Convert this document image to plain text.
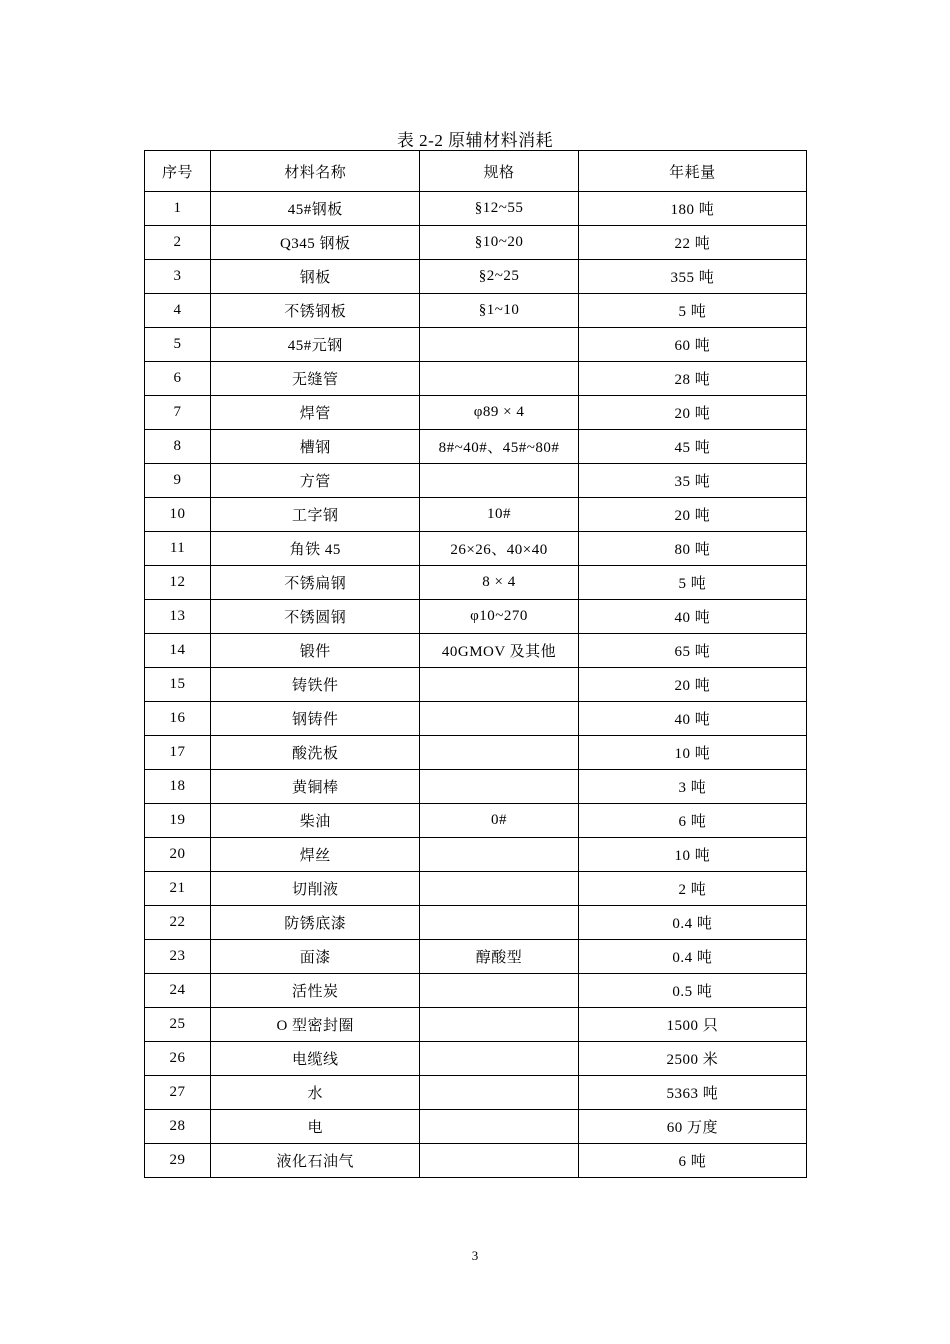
表 2-2 原辅材料消耗
序号	材料名称	规格	年耗量
1	45#钢板	§12~55	180 吨
2	Q345 钢板	§10~20	22 吨
3	钢板	§2~25	355 吨
4	不锈钢板	§1~10	5 吨
5	45#元钢		60 吨
6	无缝管		28 吨
7	焊管	φ89 × 4	20 吨
8	槽钢	8#~40#、45#~80#	45 吨
9	方管		35 吨
10	工字钢	10#	20 吨
11	角铁 45	26×26、40×40	80 吨
12	不锈扁钢	8 × 4	5 吨
13	不锈圆钢	φ10~270	40 吨
14	锻件	40GMOV 及其他	65 吨
15	铸铁件		20 吨
16	钢铸件		40 吨
17	酸洗板		10 吨
18	黄铜棒		3 吨
19	柴油	0#	6 吨
20	焊丝		10 吨
21	切削液		2 吨
22	防锈底漆		0.4 吨
23	面漆	醇酸型	0.4 吨
24	活性炭		0.5 吨
25	O 型密封圈		1500 只
26	电缆线		2500 米
27	水		5363 吨
28	电		60 万度
29	液化石油气		6 吨
3
